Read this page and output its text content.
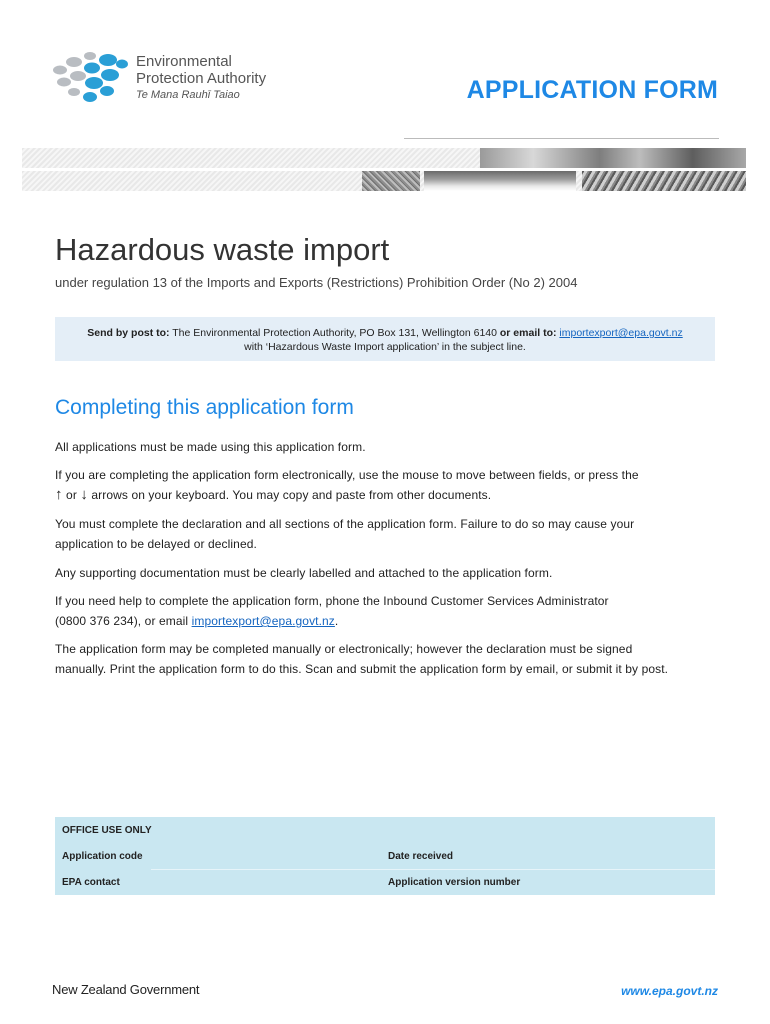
Environmental
Protection Authority
Te Mana Rauhī Taiao	APPLICATION FORM
Hazardous waste import
under regulation 13 of the Imports and Exports (Restrictions) Prohibition Order (No 2) 2004
Send by post to: The Environmental Protection Authority, PO Box 131, Wellington 6140 or email to: importexport@epa.govt.nz
with ‘Hazardous Waste Import application’ in the subject line.
Completing this application form
All applications must be made using this application form.
If you are completing the application form electronically, use the mouse to move between fields, or press the
↑ or ↓ arrows on your keyboard. You may copy and paste from other documents.
You must complete the declaration and all sections of the application form. Failure to do so may cause your
application to be delayed or declined.
Any supporting documentation must be clearly labelled and attached to the application form.
If you need help to complete the application form, phone the Inbound Customer Services Administrator
(0800 376 234), or email importexport@epa.govt.nz.
The application form may be completed manually or electronically; however the declaration must be signed
manually. Print the application form to do this. Scan and submit the application form by email, or submit it by post.
OFFICE USE ONLY
Application code	Date received
EPA contact	Application version number
New Zealand Government	www.epa.govt.nz
